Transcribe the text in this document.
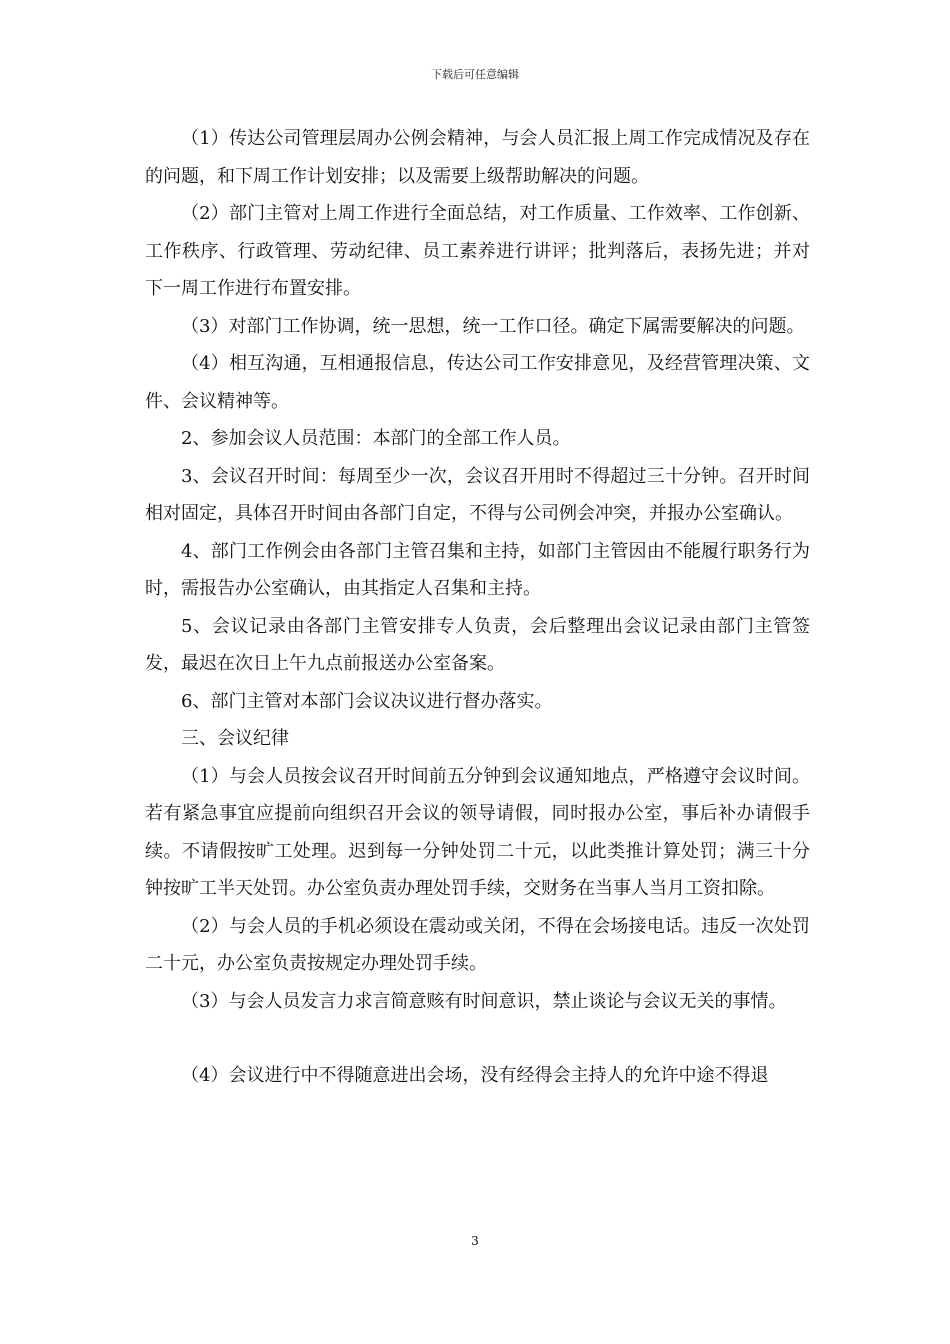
下载后可任意编辑

（1）传达公司管理层周办公例会精神，与会人员汇报上周工作完成情况及存在的问题，和下周工作计划安排；以及需要上级帮助解决的问题。

（2）部门主管对上周工作进行全面总结，对工作质量、工作效率、工作创新、工作秩序、行政管理、劳动纪律、员工素养进行讲评；批判落后，表扬先进；并对下一周工作进行布置安排。

（3）对部门工作协调，统一思想，统一工作口径。确定下属需要解决的问题。

（4）相互沟通，互相通报信息，传达公司工作安排意见，及经营管理决策、文件、会议精神等。

2、参加会议人员范围：本部门的全部工作人员。

3、会议召开时间：每周至少一次，会议召开用时不得超过三十分钟。召开时间相对固定，具体召开时间由各部门自定，不得与公司例会冲突，并报办公室确认。

4、部门工作例会由各部门主管召集和主持，如部门主管因由不能履行职务行为时，需报告办公室确认，由其指定人召集和主持。

5、会议记录由各部门主管安排专人负责，会后整理出会议记录由部门主管签发，最迟在次日上午九点前报送办公室备案。

6、部门主管对本部门会议决议进行督办落实。

三、会议纪律

（1）与会人员按会议召开时间前五分钟到会议通知地点，严格遵守会议时间。若有紧急事宜应提前向组织召开会议的领导请假，同时报办公室，事后补办请假手续。不请假按旷工处理。迟到每一分钟处罚二十元，以此类推计算处罚；满三十分钟按旷工半天处罚。办公室负责办理处罚手续，交财务在当事人当月工资扣除。

（2）与会人员的手机必须设在震动或关闭，不得在会场接电话。违反一次处罚二十元，办公室负责按规定办理处罚手续。

（3）与会人员发言力求言简意赅有时间意识，禁止谈论与会议无关的事情。

（4）会议进行中不得随意进出会场，没有经得会主持人的允许中途不得退

3
